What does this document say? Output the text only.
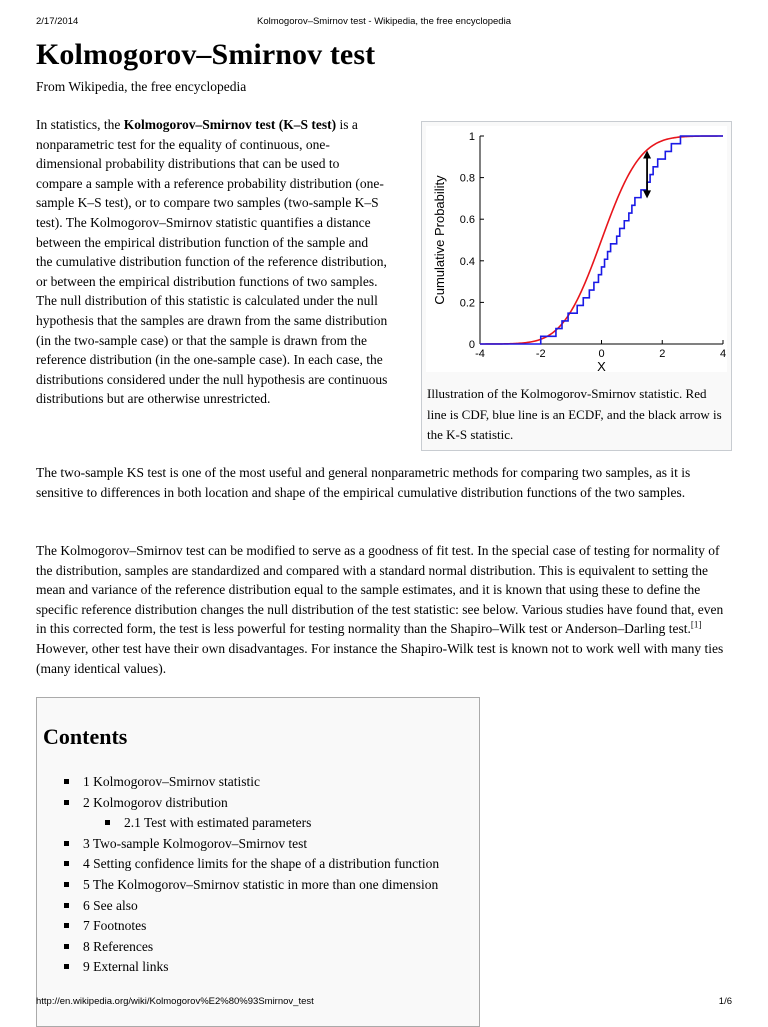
2/17/2014	Kolmogorov–Smirnov test - Wikipedia, the free encyclopedia
Kolmogorov–Smirnov test
From Wikipedia, the free encyclopedia

In statistics, the Kolmogorov–Smirnov test (K–S test) is a nonparametric test for the equality of continuous, one-dimensional probability distributions that can be used to compare a sample with a reference probability distribution (one-sample K–S test), or to compare two samples (two-sample K–S test). The Kolmogorov–Smirnov statistic quantifies a distance between the empirical distribution function of the sample and the cumulative distribution function of the reference distribution, or between the empirical distribution functions of two samples. The null distribution of this statistic is calculated under the null hypothesis that the samples are drawn from the same distribution (in the two-sample case) or that the sample is drawn from the reference distribution (in the one-sample case). In each case, the distributions considered under the null hypothesis are continuous distributions but are otherwise unrestricted.

-4	-2	0	2	4
0
0.2
0.4
0.6
0.8
1
X
Cumulative Probability
Illustration of the Kolmogorov-Smirnov statistic. Red line is CDF, blue line is an ECDF, and the black arrow is the K-S statistic.

The two-sample KS test is one of the most useful and general nonparametric methods for comparing two samples, as it is sensitive to differences in both location and shape of the empirical cumulative distribution functions of the two samples.

The Kolmogorov–Smirnov test can be modified to serve as a goodness of fit test. In the special case of testing for normality of the distribution, samples are standardized and compared with a standard normal distribution. This is equivalent to setting the mean and variance of the reference distribution equal to the sample estimates, and it is known that using these to define the specific reference distribution changes the null distribution of the test statistic: see below. Various studies have found that, even in this corrected form, the test is less powerful for testing normality than the Shapiro–Wilk test or Anderson–Darling test.[1] However, other test have their own disadvantages. For instance the Shapiro-Wilk test is known not to work well with many ties (many identical values).

Contents
1 Kolmogorov–Smirnov statistic
2 Kolmogorov distribution
2.1 Test with estimated parameters
3 Two-sample Kolmogorov–Smirnov test
4 Setting confidence limits for the shape of a distribution function
5 The Kolmogorov–Smirnov statistic in more than one dimension
6 See also
7 Footnotes
8 References
9 External links
http://en.wikipedia.org/wiki/Kolmogorov%E2%80%93Smirnov_test	1/6
